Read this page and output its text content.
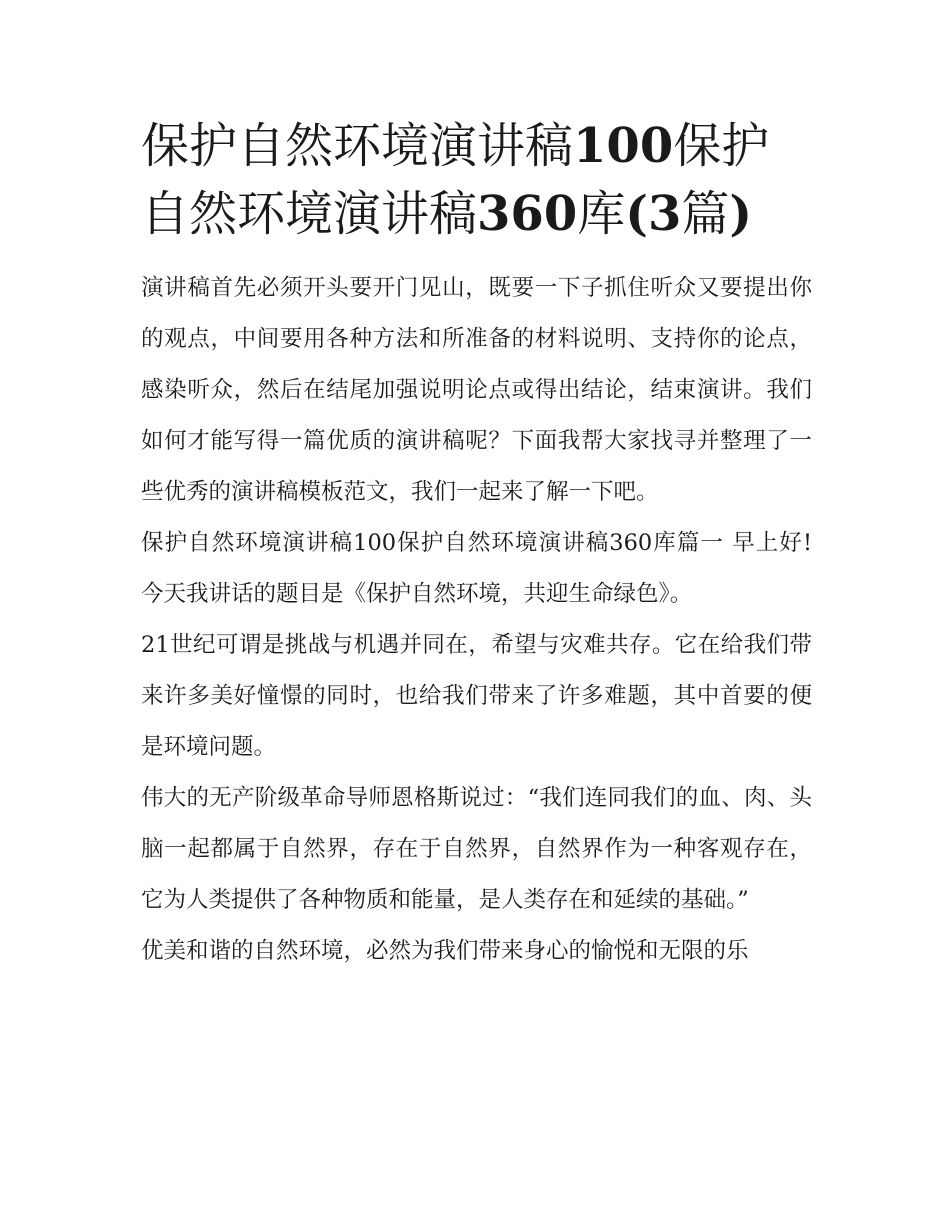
保护自然环境演讲稿100保护自然环境演讲稿360库(3篇)

演讲稿首先必须开头要开门见山，既要一下子抓住听众又要提出你的观点，中间要用各种方法和所准备的材料说明、支持你的论点，感染听众，然后在结尾加强说明论点或得出结论，结束演讲。我们如何才能写得一篇优质的演讲稿呢？下面我帮大家找寻并整理了一些优秀的演讲稿模板范文，我们一起来了解一下吧。

保护自然环境演讲稿100保护自然环境演讲稿360库篇一 早上好! 今天我讲话的题目是《保护自然环境，共迎生命绿色》。

21世纪可谓是挑战与机遇并同在，希望与灾难共存。它在给我们带来许多美好憧憬的同时，也给我们带来了许多难题，其中首要的便是环境问题。

伟大的无产阶级革命导师恩格斯说过：“我们连同我们的血、肉、头脑一起都属于自然界，存在于自然界，自然界作为一种客观存在，它为人类提供了各种物质和能量，是人类存在和延续的基础。”

优美和谐的自然环境，必然为我们带来身心的愉悦和无限的乐
